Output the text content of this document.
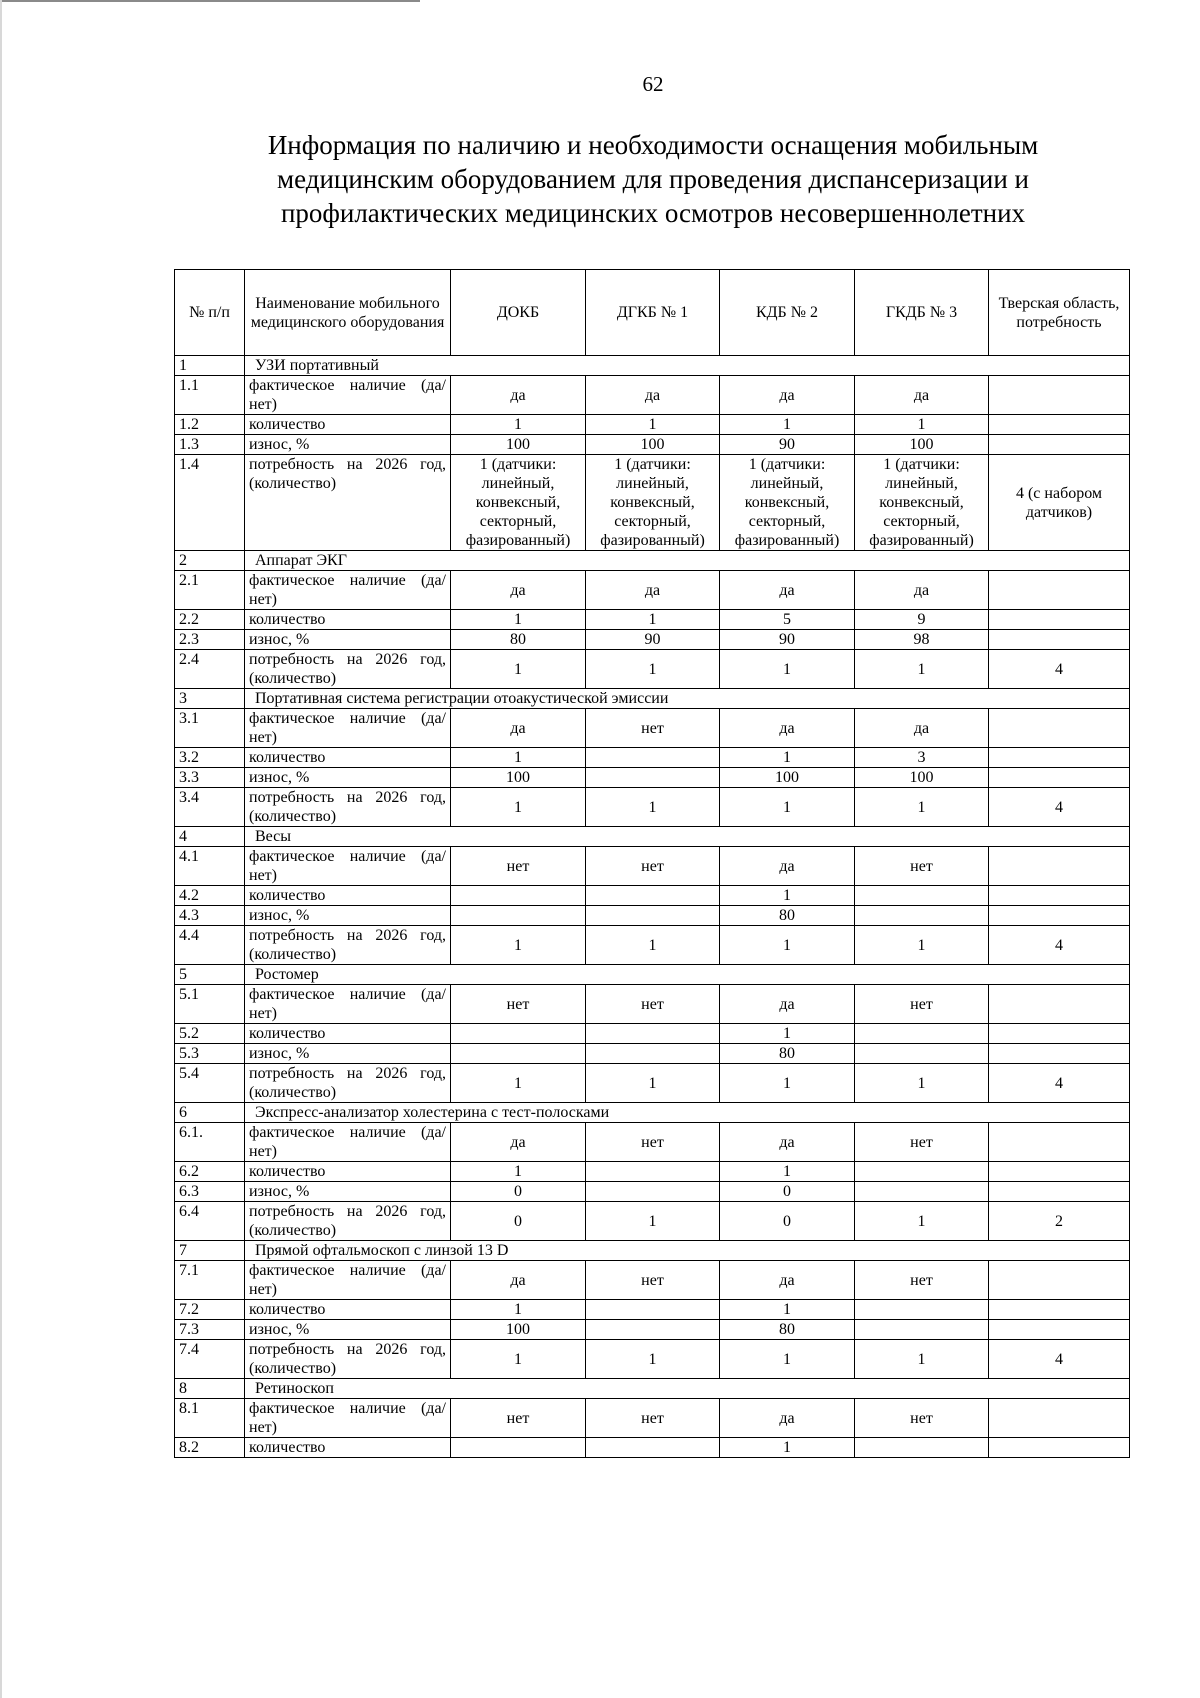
62
Информация по наличию и необходимости оснащения мобильным
медицинским оборудованием для проведения диспансеризации и
профилактических медицинских осмотров несовершеннолетних
№ п/п	Наименование мобильного медицинского оборудования	ДОКБ	ДГКБ № 1	КДБ № 2	ГКДБ № 3	Тверская область, потребность
1	УЗИ портативный					
1.1	фактическое наличие (да/нет)	да	да	да	да	
1.2	количество	1	1	1	1	
1.3	износ, %	100	100	90	100	
1.4	потребность на 2026 год, (количество)	1 (датчики: линейный, конвексный, секторный, фазированный)	1 (датчики: линейный, конвексный, секторный, фазированный)	1 (датчики: линейный, конвексный, секторный, фазированный)	1 (датчики: линейный, конвексный, секторный, фазированный)	4 (с набором датчиков)
2	Аппарат ЭКГ					
2.1	фактическое наличие (да/нет)	да	да	да	да	
2.2	количество	1	1	5	9	
2.3	износ, %	80	90	90	98	
2.4	потребность на 2026 год, (количество)	1	1	1	1	4
3	Портативная система регистрации отоакустической эмиссии					
3.1	фактическое наличие (да/нет)	да	нет	да	да	
3.2	количество	1		1	3	
3.3	износ, %	100		100	100	
3.4	потребность на 2026 год, (количество)	1	1	1	1	4
4	Весы					
4.1	фактическое наличие (да/нет)	нет	нет	да	нет	
4.2	количество			1		
4.3	износ, %			80		
4.4	потребность на 2026 год, (количество)	1	1	1	1	4
5	Ростомер					
5.1	фактическое наличие (да/нет)	нет	нет	да	нет	
5.2	количество			1		
5.3	износ, %			80		
5.4	потребность на 2026 год, (количество)	1	1	1	1	4
6	Экспресс-анализатор холестерина с тест-полосками					
6.1.	фактическое наличие (да/нет)	да	нет	да	нет	
6.2	количество	1		1		
6.3	износ, %	0		0		
6.4	потребность на 2026 год, (количество)	0	1	0	1	2
7	Прямой офтальмоскоп с линзой 13 D					
7.1	фактическое наличие (да/нет)	да	нет	да	нет	
7.2	количество	1		1		
7.3	износ, %	100		80		
7.4	потребность на 2026 год, (количество)	1	1	1	1	4
8	Ретиноскоп					
8.1	фактическое наличие (да/нет)	нет	нет	да	нет	
8.2	количество			1		
